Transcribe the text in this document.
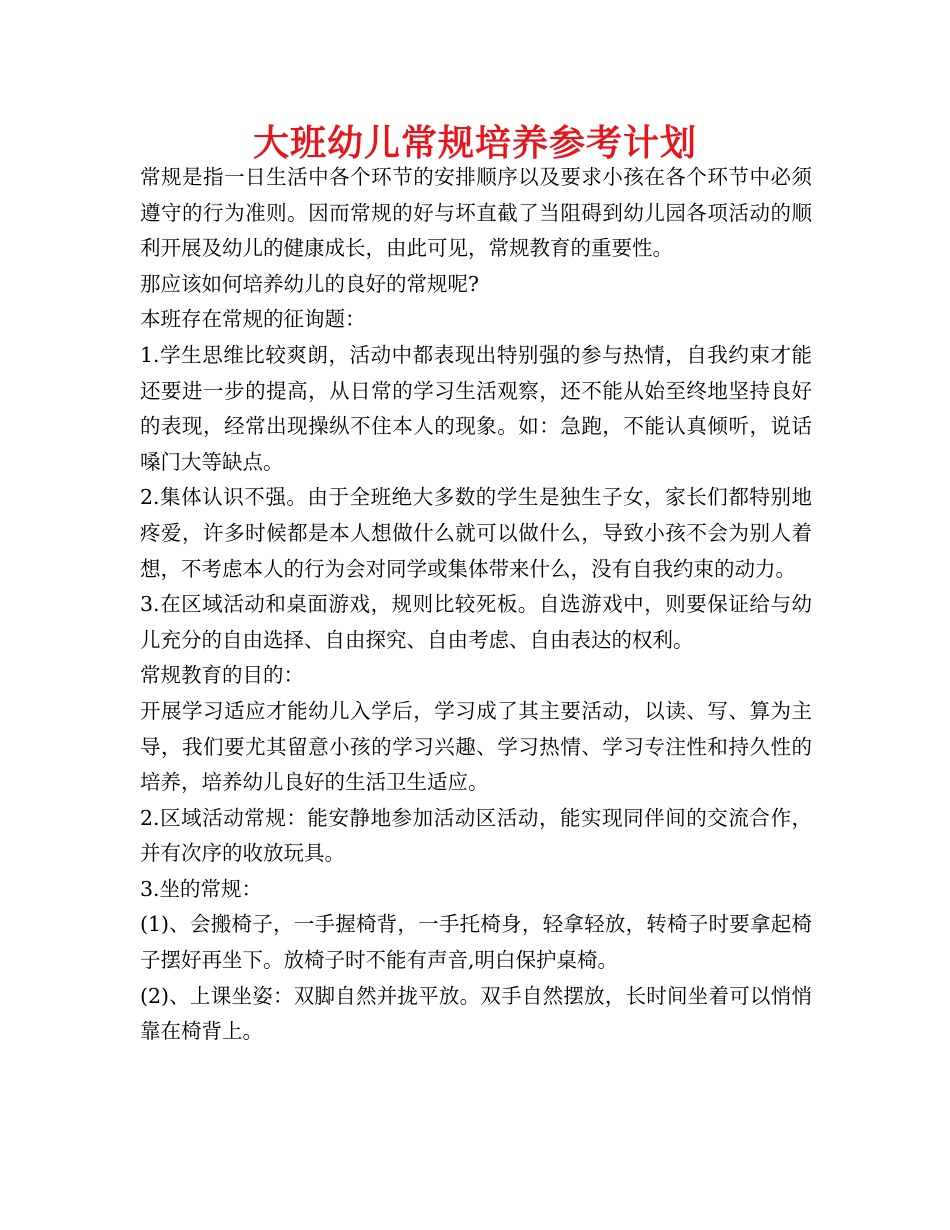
大班幼儿常规培养参考计划

常规是指一日生活中各个环节的安排顺序以及要求小孩在各个环节中必须遵守的行为准则。因而常规的好与坏直截了当阻碍到幼儿园各项活动的顺利开展及幼儿的健康成长，由此可见，常规教育的重要性。

那应该如何培养幼儿的良好的常规呢?

本班存在常规的征询题：

1.学生思维比较爽朗，活动中都表现出特别强的参与热情，自我约束才能还要进一步的提高，从日常的学习生活观察，还不能从始至终地坚持良好的表现，经常出现操纵不住本人的现象。如：急跑，不能认真倾听，说话嗓门大等缺点。

2.集体认识不强。由于全班绝大多数的学生是独生子女，家长们都特别地疼爱，许多时候都是本人想做什么就可以做什么，导致小孩不会为别人着想，不考虑本人的行为会对同学或集体带来什么，没有自我约束的动力。

3.在区域活动和桌面游戏，规则比较死板。自选游戏中，则要保证给与幼儿充分的自由选择、自由探究、自由考虑、自由表达的权利。

常规教育的目的：

开展学习适应才能幼儿入学后，学习成了其主要活动，以读、写、算为主导，我们要尤其留意小孩的学习兴趣、学习热情、学习专注性和持久性的培养，培养幼儿良好的生活卫生适应。

2.区域活动常规：能安静地参加活动区活动，能实现同伴间的交流合作，并有次序的收放玩具。

3.坐的常规：

(1)、会搬椅子，一手握椅背，一手托椅身，轻拿轻放，转椅子时要拿起椅子摆好再坐下。放椅子时不能有声音,明白保护桌椅。

(2)、上课坐姿：双脚自然并拢平放。双手自然摆放，长时间坐着可以悄悄靠在椅背上。
